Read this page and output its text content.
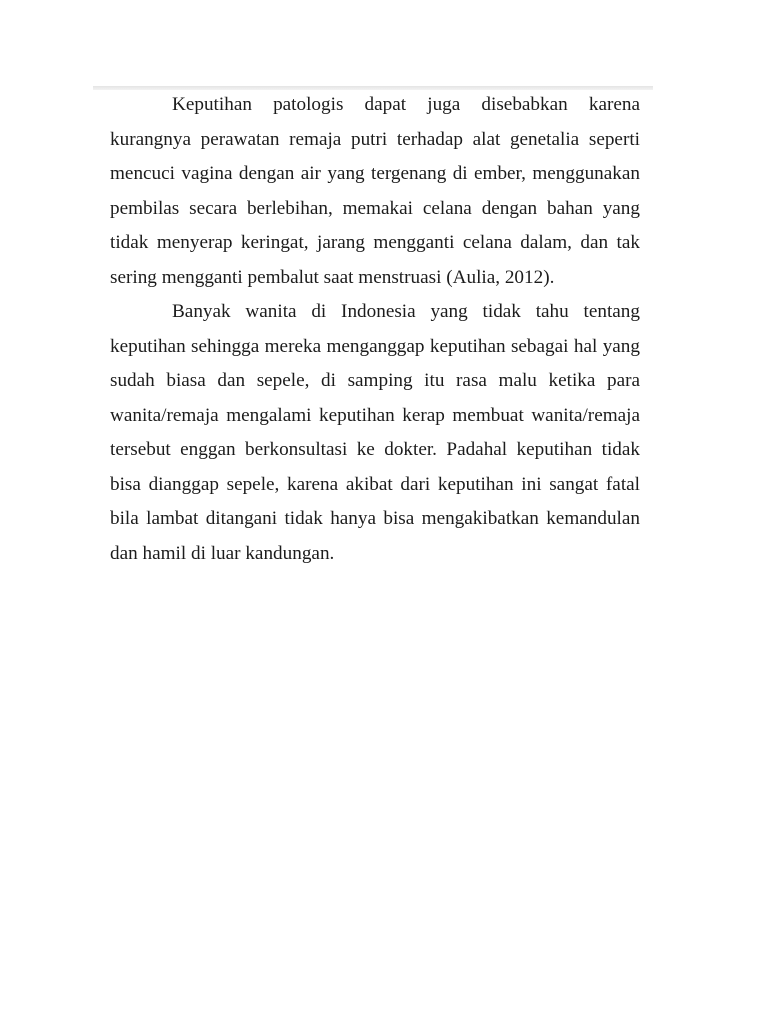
Keputihan patologis dapat juga disebabkan karena kurangnya perawatan remaja putri terhadap alat genetalia seperti mencuci vagina dengan air yang tergenang di ember, menggunakan pembilas secara berlebihan, memakai celana dengan bahan yang tidak menyerap keringat, jarang mengganti celana dalam, dan tak sering mengganti pembalut saat menstruasi (Aulia, 2012).

Banyak wanita di Indonesia yang tidak tahu tentang keputihan sehingga mereka menganggap keputihan sebagai hal yang sudah biasa dan sepele, di samping itu rasa malu ketika para wanita/remaja mengalami keputihan kerap membuat wanita/remaja tersebut enggan berkonsultasi ke dokter. Padahal keputihan tidak bisa dianggap sepele, karena akibat dari keputihan ini sangat fatal bila lambat ditangani tidak hanya bisa mengakibatkan kemandulan dan hamil di luar kandungan.
